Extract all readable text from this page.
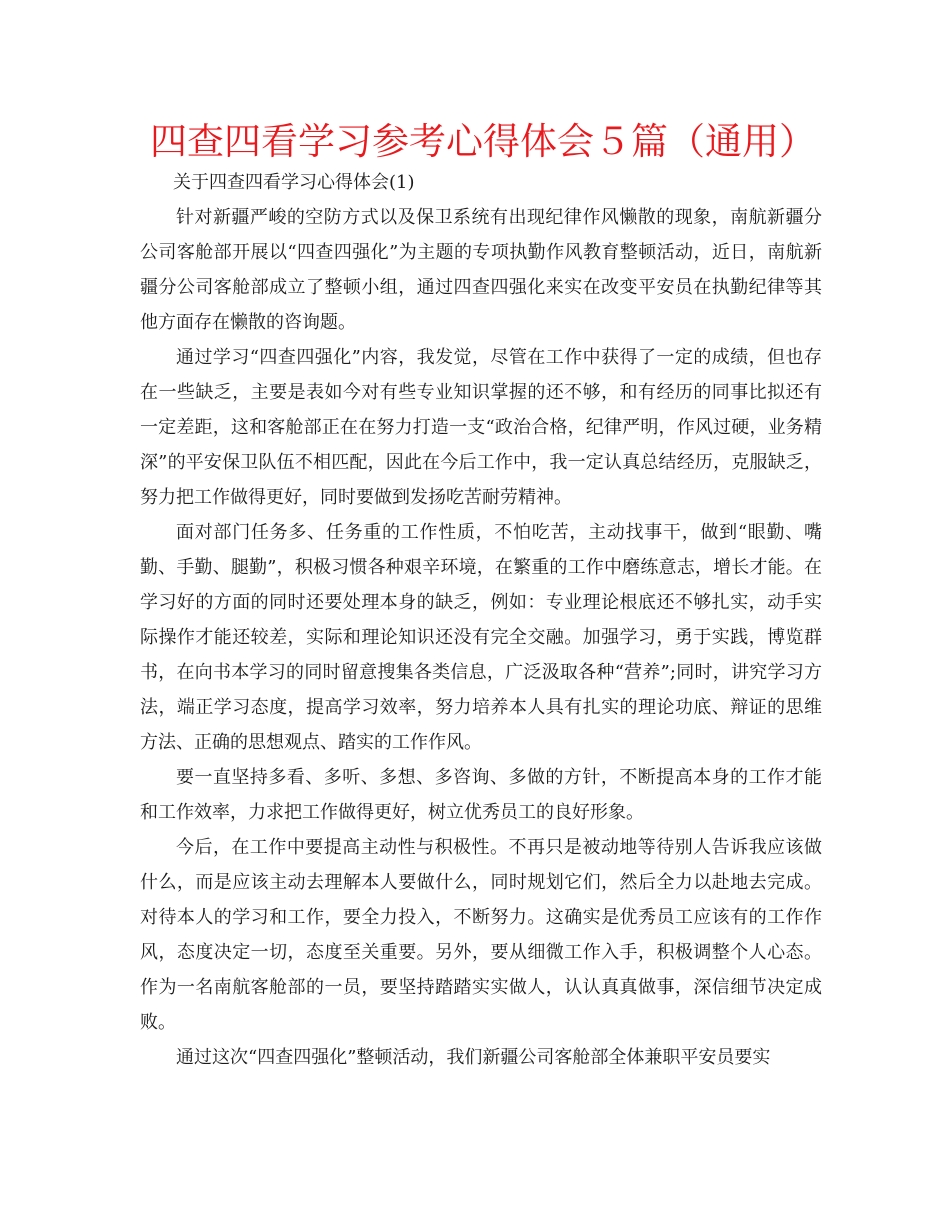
四查四看学习参考心得体会５篇（通用）

关于四查四看学习心得体会(1)

针对新疆严峻的空防方式以及保卫系统有出现纪律作风懒散的现象，南航新疆分公司客舱部开展以“四查四强化”为主题的专项执勤作风教育整顿活动，近日，南航新疆分公司客舱部成立了整顿小组，通过四查四强化来实在改变平安员在执勤纪律等其他方面存在懒散的咨询题。

通过学习“四查四强化”内容，我发觉，尽管在工作中获得了一定的成绩，但也存在一些缺乏，主要是表如今对有些专业知识掌握的还不够，和有经历的同事比拟还有一定差距，这和客舱部正在在努力打造一支“政治合格，纪律严明，作风过硬，业务精深”的平安保卫队伍不相匹配，因此在今后工作中，我一定认真总结经历，克服缺乏，努力把工作做得更好，同时要做到发扬吃苦耐劳精神。

面对部门任务多、任务重的工作性质，不怕吃苦，主动找事干，做到“眼勤、嘴勤、手勤、腿勤”，积极习惯各种艰辛环境，在繁重的工作中磨练意志，增长才能。在学习好的方面的同时还要处理本身的缺乏，例如：专业理论根底还不够扎实，动手实际操作才能还较差，实际和理论知识还没有完全交融。加强学习，勇于实践，博览群书，在向书本学习的同时留意搜集各类信息，广泛汲取各种“营养”;同时，讲究学习方法，端正学习态度，提高学习效率，努力培养本人具有扎实的理论功底、辩证的思维方法、正确的思想观点、踏实的工作作风。

要一直坚持多看、多听、多想、多咨询、多做的方针，不断提高本身的工作才能和工作效率，力求把工作做得更好，树立优秀员工的良好形象。

今后，在工作中要提高主动性与积极性。不再只是被动地等待别人告诉我应该做什么，而是应该主动去理解本人要做什么，同时规划它们，然后全力以赴地去完成。对待本人的学习和工作，要全力投入，不断努力。这确实是优秀员工应该有的工作作风，态度决定一切，态度至关重要。另外，要从细微工作入手，积极调整个人心态。作为一名南航客舱部的一员，要坚持踏踏实实做人，认认真真做事，深信细节决定成败。

通过这次“四查四强化”整顿活动，我们新疆公司客舱部全体兼职平安员要实
